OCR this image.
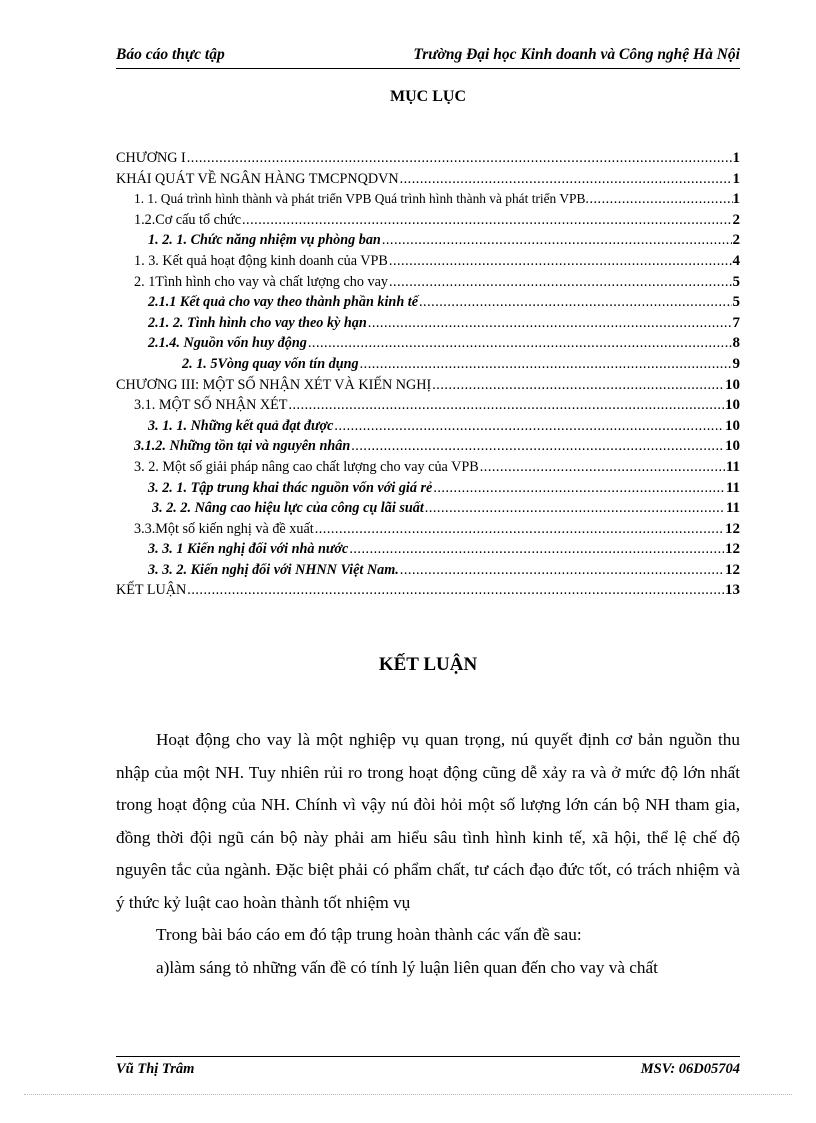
Báo cáo thực tập	Trường Đại học Kinh doanh và Công nghệ Hà Nội
MỤC LỤC
CHƯƠNG I .....	1
KHÁI QUÁT VỀ NGÂN HÀNG TMCPNQDVN .....	1
1. 1. Quá trình hình thành và phát triển VPB Quá trình hình thành và phát triển VPB .....	1
1.2.Cơ cấu tổ chức .....	2
1. 2. 1. Chức năng nhiệm vụ phòng ban .....	2
1. 3. Kết quả hoạt động kinh doanh của VPB .....	4
2. 1Tình hình cho vay và chất lượng cho vay .....	5
2.1.1 Kết quả cho vay theo thành phần kinh tế .....	5
2.1. 2. Tình hình cho vay theo kỳ hạn .....	7
2.1.4. Nguồn vốn huy động .....	8
2. 1. 5Vòng quay vốn tín dụng .....	9
CHƯƠNG III: MỘT SỐ NHẬN XÉT VÀ KIẾN NGHỊ .....	10
3.1. MỘT SỐ NHẬN XÉT .....	10
3. 1. 1. Những kết quả đạt được .....	10
3.1.2. Những tồn tại và nguyên nhân .....	10
3. 2. Một số giải pháp nâng cao chất lượng cho vay của VPB .....	11
3. 2. 1. Tập trung khai thác nguồn vốn với giá rẻ .....	11
3. 2. 2. Nâng cao hiệu lực của công cụ lãi suất .....	11
3.3.Một số kiến nghị và đề xuất .....	12
3. 3. 1 Kiến nghị đối với nhà nước .....	12
3. 3. 2. Kiến nghị đối với NHNN Việt Nam. .....	12
KẾT LUẬN .....	13
KẾT LUẬN

Hoạt động cho vay là một nghiệp vụ quan trọng, nú quyết định cơ bản nguồn thu nhập của một NH. Tuy nhiên rủi ro trong hoạt động cũng dễ xảy ra và ở mức độ lớn nhất trong hoạt động của NH. Chính vì vậy nú đòi hỏi một số lượng lớn cán bộ NH tham gia, đồng thời đội ngũ cán bộ này phải am hiểu sâu tình hình kinh tế, xã hội, thể lệ chế độ nguyên tắc của ngành. Đặc biệt phải có phẩm chất, tư cách đạo đức tốt, có trách nhiệm và ý thức kỷ luật cao hoàn thành tốt nhiệm vụ

Trong bài báo cáo em đó tập trung hoàn thành các vấn đề sau:

a)làm sáng tỏ những vấn đề có tính lý luận liên quan đến cho vay và chất

Vũ Thị Trâm	MSV: 06D05704
